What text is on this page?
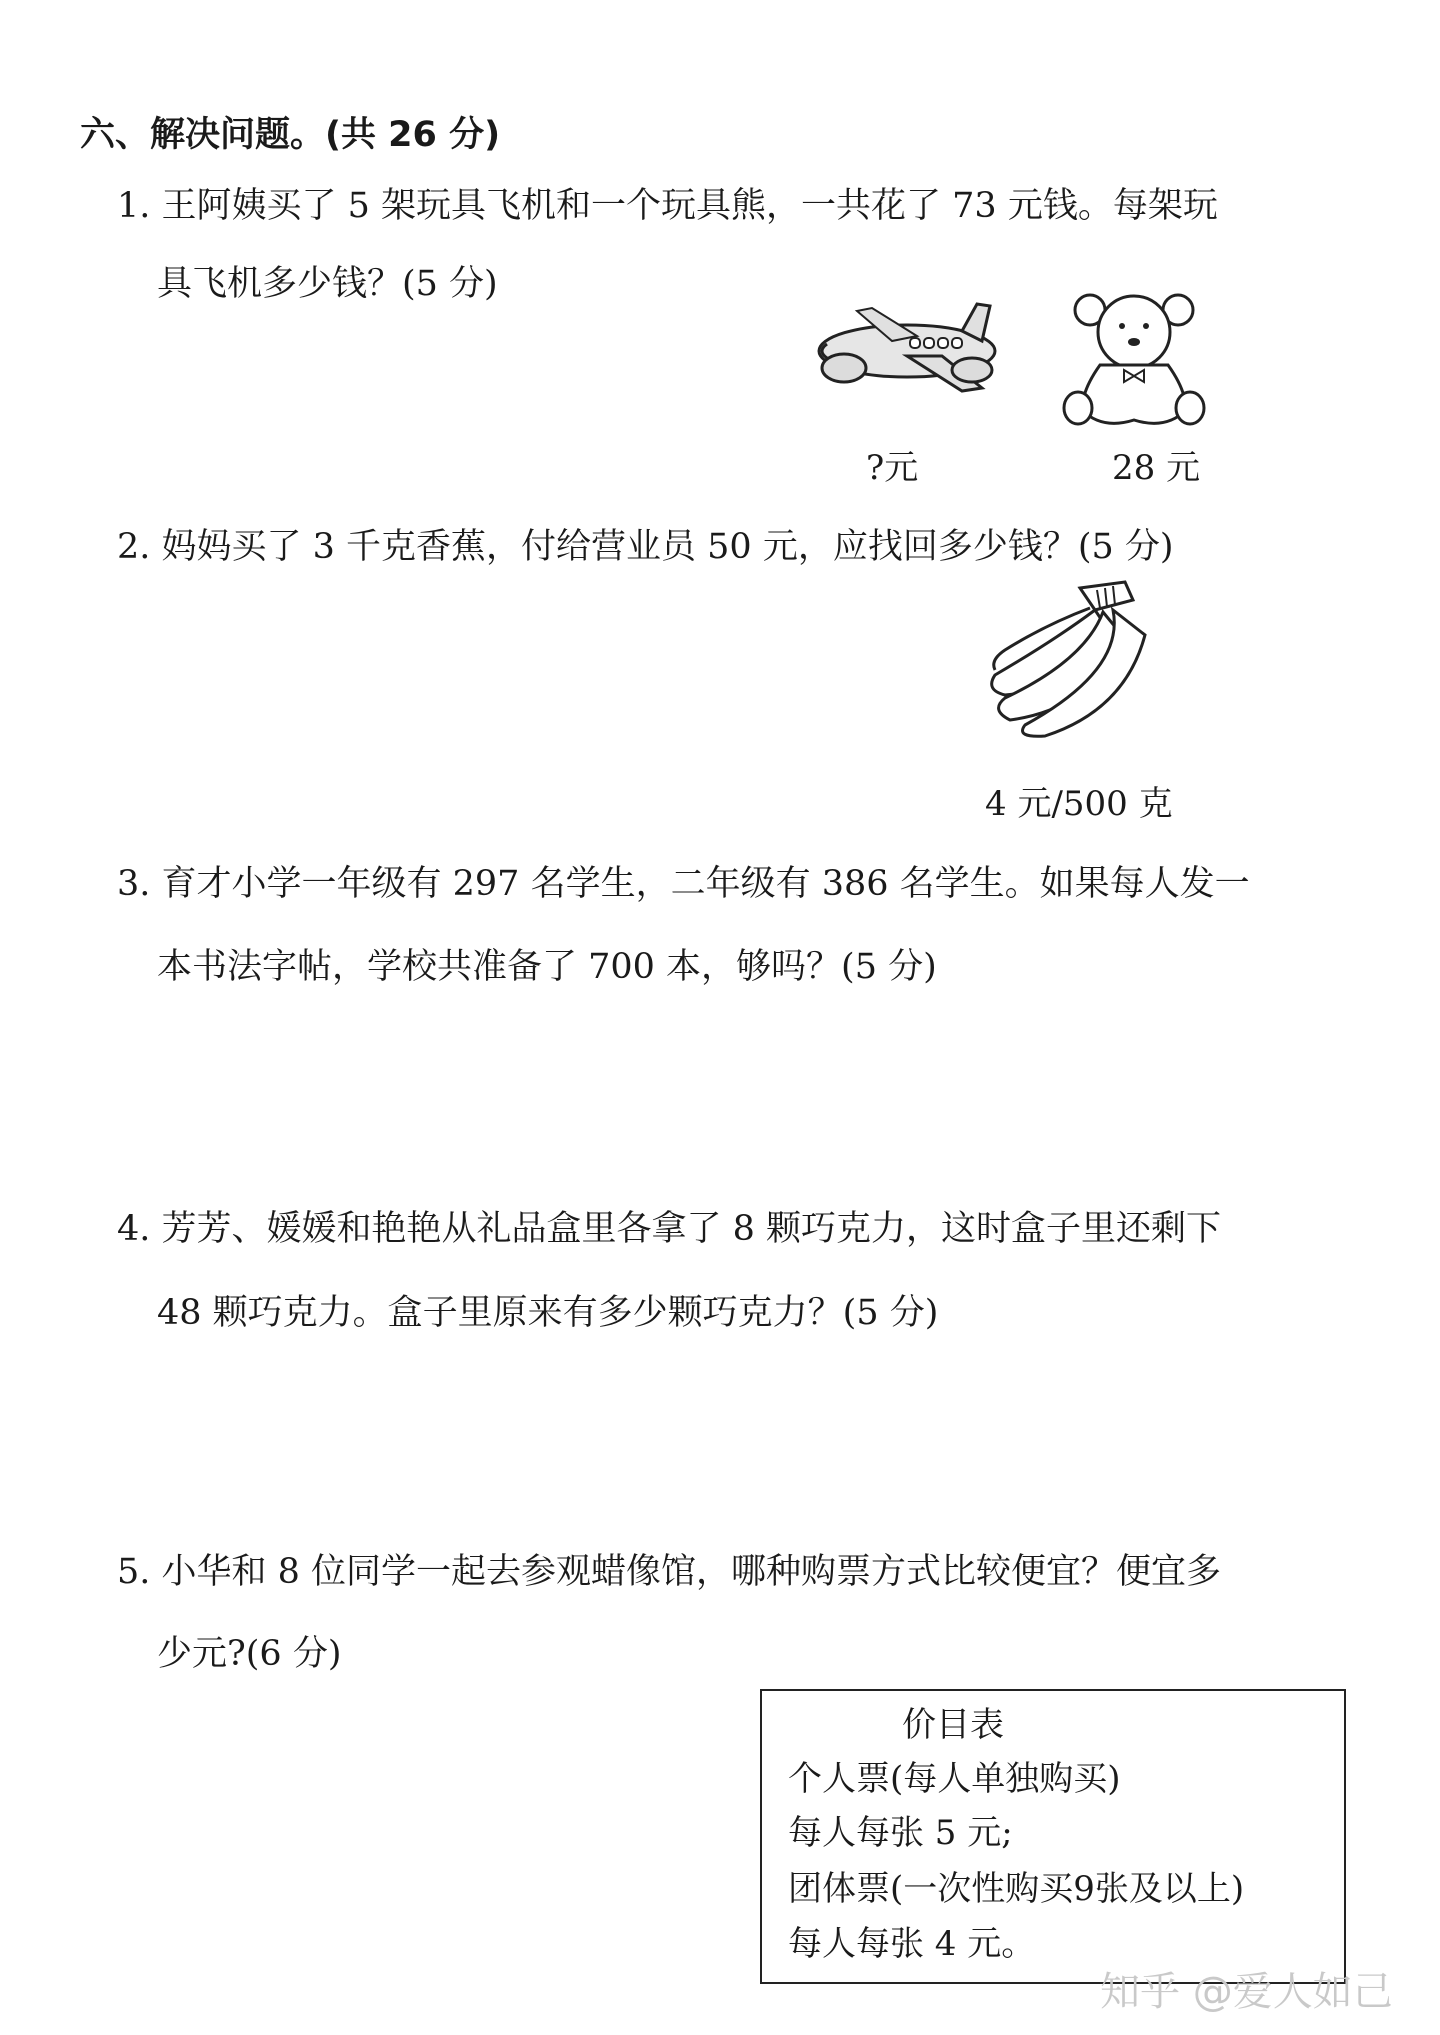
六、解决问题。(共 26 分)
1. 王阿姨买了 5 架玩具飞机和一个玩具熊，一共花了 73 元钱。每架玩
具飞机多少钱？(5 分)
?元	28 元
2. 妈妈买了 3 千克香蕉，付给营业员 50 元，应找回多少钱？(5 分)
4 元/500 克
3. 育才小学一年级有 297 名学生，二年级有 386 名学生。如果每人发一
本书法字帖，学校共准备了 700 本，够吗？(5 分)
4. 芳芳、媛媛和艳艳从礼品盒里各拿了 8 颗巧克力，这时盒子里还剩下
48 颗巧克力。盒子里原来有多少颗巧克力？(5 分)
5. 小华和 8 位同学一起去参观蜡像馆，哪种购票方式比较便宜？便宜多
少元?(6 分)
价目表
个人票(每人单独购买)
每人每张 5 元;
团体票(一次性购买9张及以上)
每人每张 4 元。
知乎 @爱人如己
